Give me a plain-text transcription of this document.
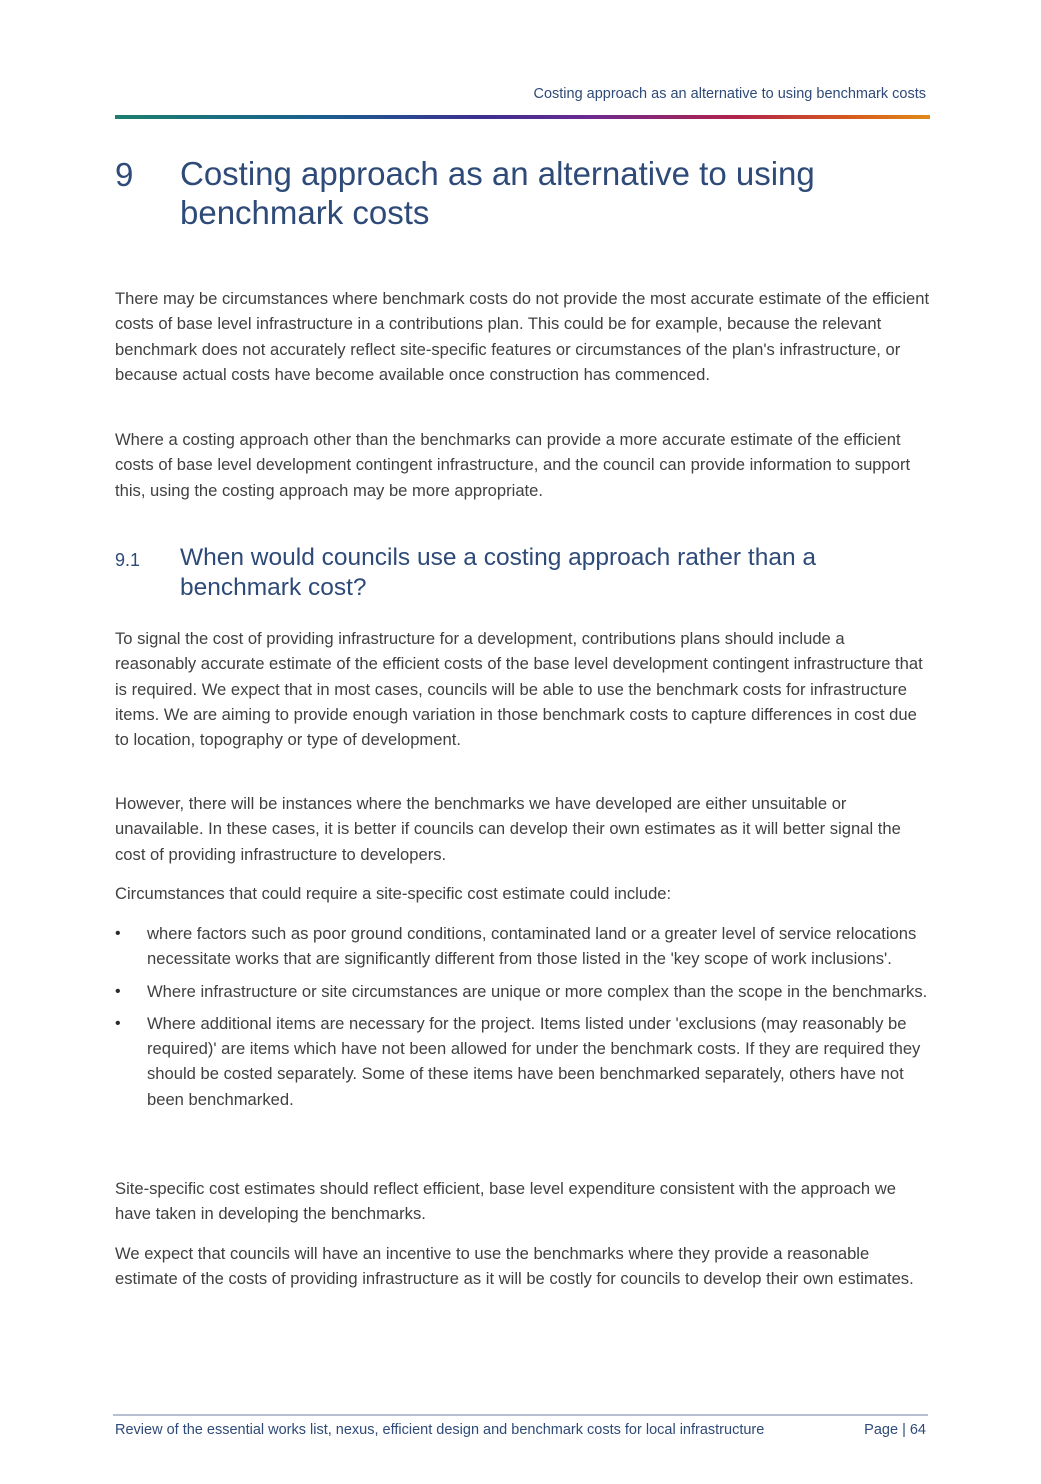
Costing approach as an alternative to using benchmark costs
9 Costing approach as an alternative to using benchmark costs

There may be circumstances where benchmark costs do not provide the most accurate estimate of the efficient costs of base level infrastructure in a contributions plan. This could be for example, because the relevant benchmark does not accurately reflect site-specific features or circumstances of the plan's infrastructure, or because actual costs have become available once construction has commenced.

Where a costing approach other than the benchmarks can provide a more accurate estimate of the efficient costs of base level development contingent infrastructure, and the council can provide information to support this, using the costing approach may be more appropriate.

9.1 When would councils use a costing approach rather than a benchmark cost?

To signal the cost of providing infrastructure for a development, contributions plans should include a reasonably accurate estimate of the efficient costs of the base level development contingent infrastructure that is required. We expect that in most cases, councils will be able to use the benchmark costs for infrastructure items. We are aiming to provide enough variation in those benchmark costs to capture differences in cost due to location, topography or type of development.

However, there will be instances where the benchmarks we have developed are either unsuitable or unavailable. In these cases, it is better if councils can develop their own estimates as it will better signal the cost of providing infrastructure to developers.

Circumstances that could require a site-specific cost estimate could include:

• where factors such as poor ground conditions, contaminated land or a greater level of service relocations necessitate works that are significantly different from those listed in the 'key scope of work inclusions'.
• Where infrastructure or site circumstances are unique or more complex than the scope in the benchmarks.
• Where additional items are necessary for the project. Items listed under 'exclusions (may reasonably be required)' are items which have not been allowed for under the benchmark costs. If they are required they should be costed separately. Some of these items have been benchmarked separately, others have not been benchmarked.

Site-specific cost estimates should reflect efficient, base level expenditure consistent with the approach we have taken in developing the benchmarks.

We expect that councils will have an incentive to use the benchmarks where they provide a reasonable estimate of the costs of providing infrastructure as it will be costly for councils to develop their own estimates.

Review of the essential works list, nexus, efficient design and benchmark costs for local infrastructure	Page | 64
